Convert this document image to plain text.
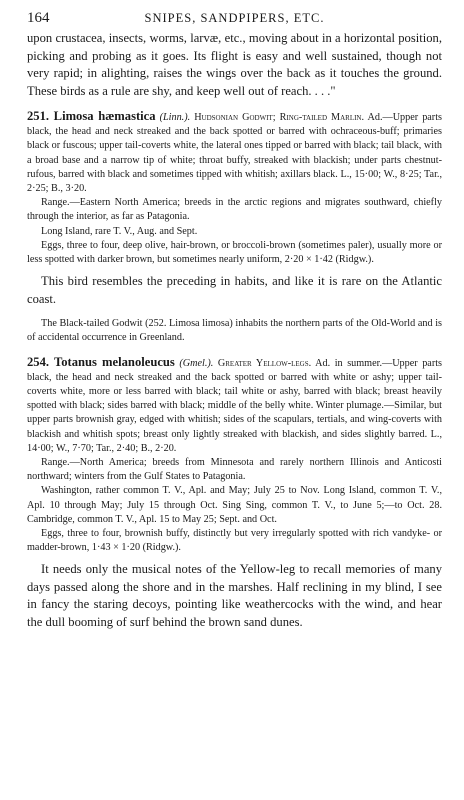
164	SNIPES, SANDPIPERS, ETC.

upon crustacea, insects, worms, larvæ, etc., moving about in a horizontal position, picking and probing as it goes. Its flight is easy and well sustained, though not very rapid; in alighting, raises the wings over the back as it touches the ground. These birds as a rule are shy, and keep well out of reach. . . ."

251. Limosa hæmastica (Linn.). Hudsonian Godwit; Ring-tailed Marlin. Ad.—Upper parts black, the head and neck streaked and the back spotted or barred with ochraceous-buff; primaries black or fuscous; upper tail-coverts white, the lateral ones tipped or barred with black; tail black, with a broad base and a narrow tip of white; throat buffy, streaked with blackish; under parts chestnut-rufous, barred with black and sometimes tipped with whitish; axillars black. L., 15·00; W., 8·25; Tar., 2·25; B., 3·20.

Range.—Eastern North America; breeds in the arctic regions and migrates southward, chiefly through the interior, as far as Patagonia.

Long Island, rare T. V., Aug. and Sept.

Eggs, three to four, deep olive, hair-brown, or broccoli-brown (sometimes paler), usually more or less spotted with darker brown, but sometimes nearly uniform, 2·20 × 1·42 (Ridgw.).

This bird resembles the preceding in habits, and like it is rare on the Atlantic coast.

The Black-tailed Godwit (252. Limosa limosa) inhabits the northern parts of the Old-World and is of accidental occurrence in Greenland.

254. Totanus melanoleucus (Gmel.). Greater Yellow-legs. Ad. in summer.—Upper parts black, the head and neck streaked and the back spotted or barred with white or ashy; upper tail-coverts white, more or less barred with black; tail white or ashy, barred with black; breast heavily spotted with black; sides barred with black; middle of the belly white. Winter plumage.—Similar, but upper parts brownish gray, edged with whitish; sides of the scapulars, tertials, and wing-coverts with blackish and whitish spots; breast only lightly streaked with blackish, and sides slightly barred. L., 14·00; W., 7·70; Tar., 2·40; B., 2·20.

Range.—North America; breeds from Minnesota and rarely northern Illinois and Anticosti northward; winters from the Gulf States to Patagonia.

Washington, rather common T. V., Apl. and May; July 25 to Nov. Long Island, common T. V., Apl. 10 through May; July 15 through Oct. Sing Sing, common T. V., to June 5;—to Oct. 28. Cambridge, common T. V., Apl. 15 to May 25; Sept. and Oct.

Eggs, three to four, brownish buffy, distinctly but very irregularly spotted with rich vandyke- or madder-brown, 1·43 × 1·20 (Ridgw.).

It needs only the musical notes of the Yellow-leg to recall memories of many days passed along the shore and in the marshes. Half reclining in my blind, I see in fancy the staring decoys, pointing like weathercocks with the wind, and hear the dull booming of surf behind the brown sand dunes.
